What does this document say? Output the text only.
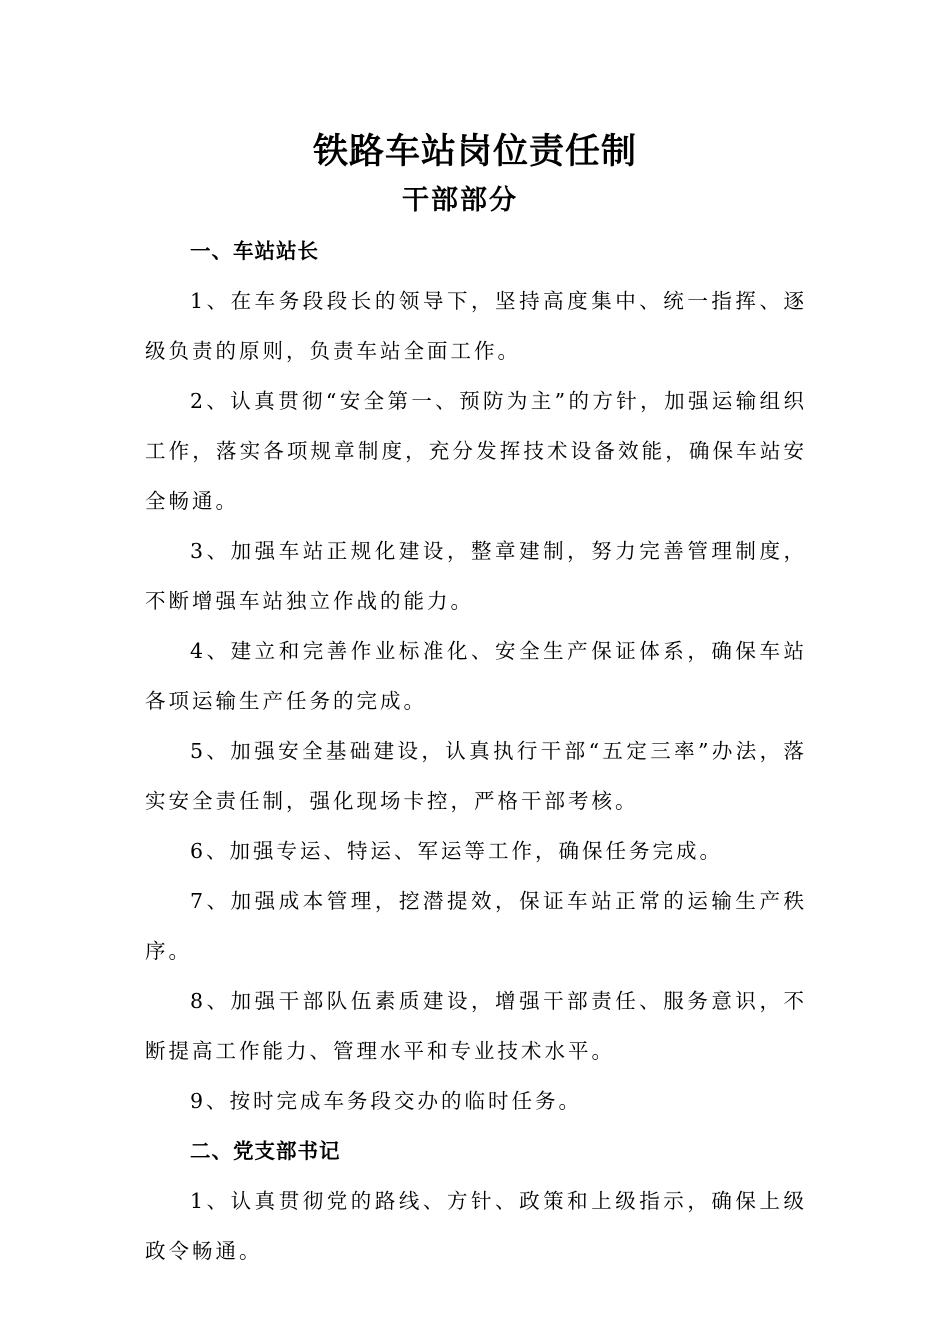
铁路车站岗位责任制
干部部分

一、车站站长

1、在车务段段长的领导下，坚持高度集中、统一指挥、逐级负责的原则，负责车站全面工作。

2、认真贯彻“安全第一、预防为主”的方针，加强运输组织工作，落实各项规章制度，充分发挥技术设备效能，确保车站安全畅通。

3、加强车站正规化建设，整章建制，努力完善管理制度，不断增强车站独立作战的能力。

4、建立和完善作业标准化、安全生产保证体系，确保车站各项运输生产任务的完成。

5、加强安全基础建设，认真执行干部“五定三率”办法，落实安全责任制，强化现场卡控，严格干部考核。

6、加强专运、特运、军运等工作，确保任务完成。

7、加强成本管理，挖潜提效，保证车站正常的运输生产秩序。

8、加强干部队伍素质建设，增强干部责任、服务意识，不断提高工作能力、管理水平和专业技术水平。

9、按时完成车务段交办的临时任务。

二、党支部书记

1、认真贯彻党的路线、方针、政策和上级指示，确保上级政令畅通。
